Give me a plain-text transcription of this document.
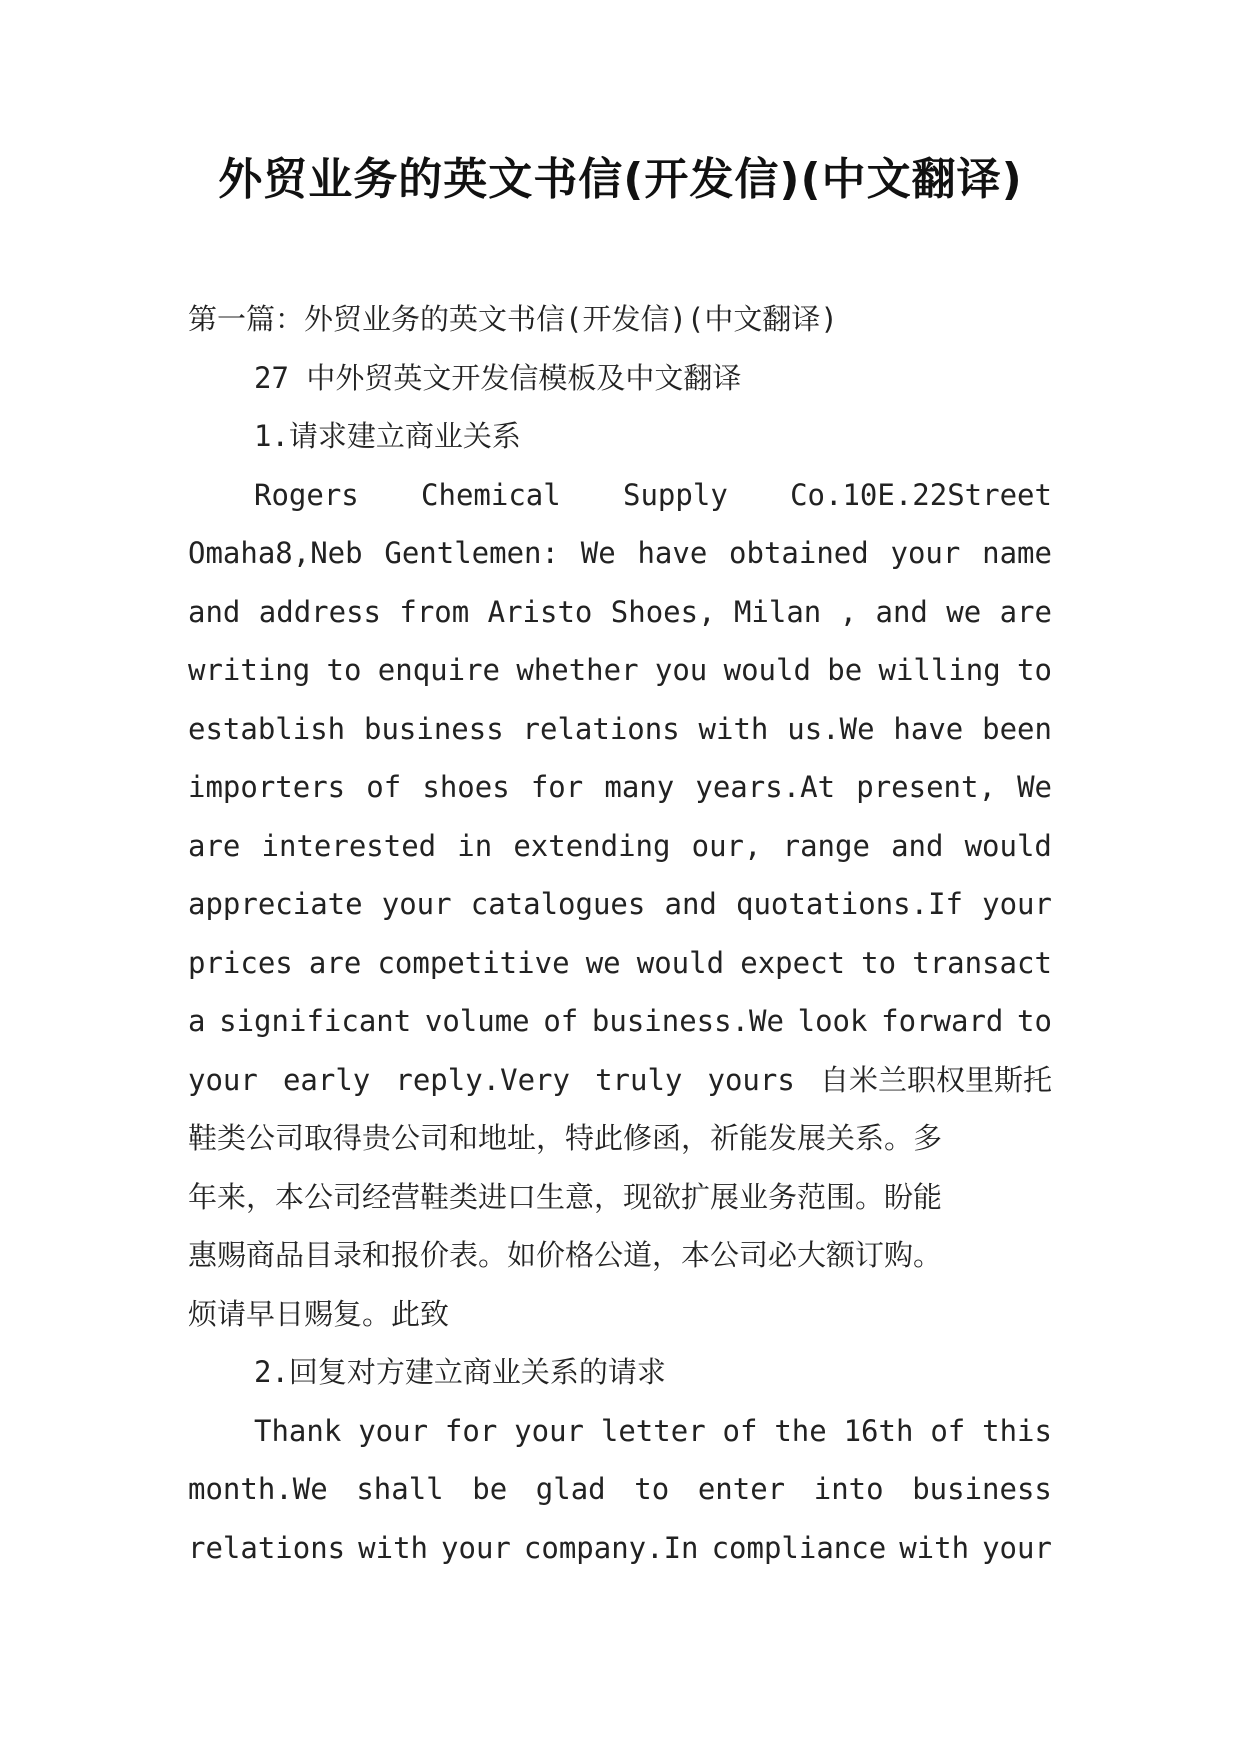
外贸业务的英文书信(开发信)(中文翻译)
第一篇：外贸业务的英文书信(开发信)(中文翻译)
27 中外贸英文开发信模板及中文翻译
1.请求建立商业关系
Rogers Chemical Supply Co.10E.22Street
Omaha8,Neb Gentlemen: We have obtained your name
and address from Aristo Shoes, Milan , and we are
writing to enquire whether you would be willing to
establish business relations with us.We have been
importers of shoes for many years.At present, We
are interested in extending our, range and would
appreciate your catalogues and quotations.If your
prices are competitive we would expect to transact
a significant volume of business.We look forward to
your early reply.Very truly yours 自米兰职权里斯托
鞋类公司取得贵公司和地址，特此修函，祈能发展关系。多
年来，本公司经营鞋类进口生意，现欲扩展业务范围。盼能
惠赐商品目录和报价表。如价格公道，本公司必大额订购。
烦请早日赐复。此致
2.回复对方建立商业关系的请求
Thank your for your letter of the 16th of this
month.We shall be glad to enter into business
relations with your company.In compliance with your
